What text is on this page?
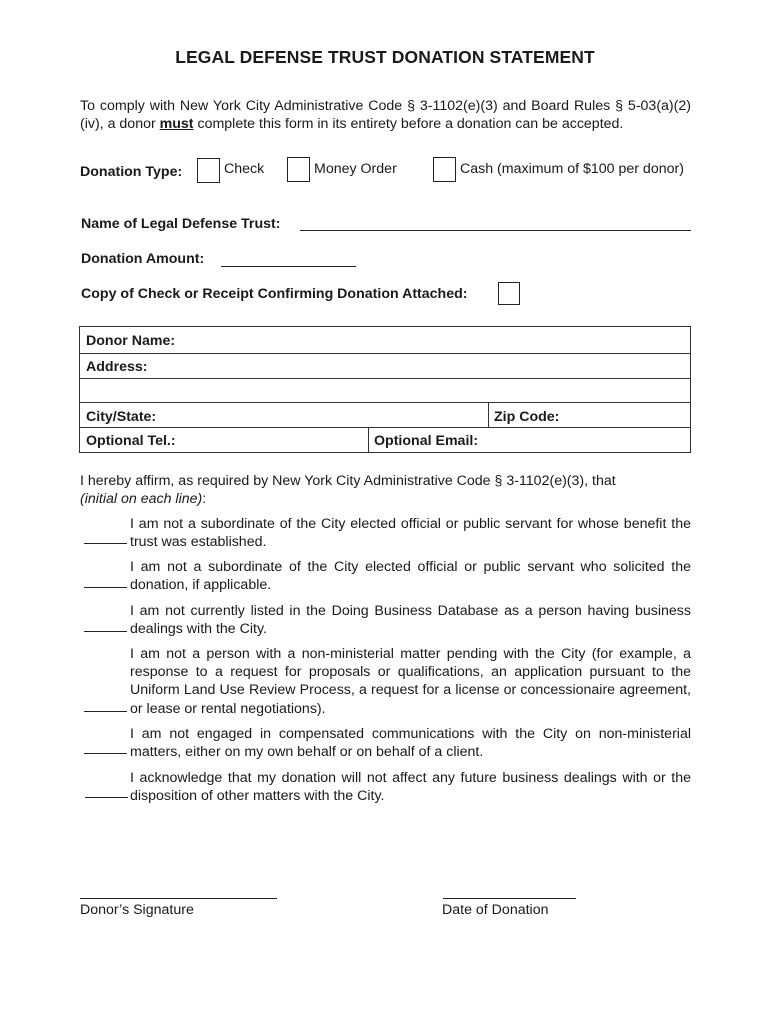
LEGAL DEFENSE TRUST DONATION STATEMENT
To comply with New York City Administrative Code § 3-1102(e)(3) and Board Rules § 5-03(a)(2)(iv), a donor must complete this form in its entirety before a donation can be accepted.
Donation Type:	Check	Money Order	Cash (maximum of $100 per donor)
Name of Legal Defense Trust:
Donation Amount:
Copy of Check or Receipt Confirming Donation Attached:
Donor Name:
Address:
City/State:	Zip Code:
Optional Tel.:	Optional Email:
I hereby affirm, as required by New York City Administrative Code § 3-1102(e)(3), that
(initial on each line):
I am not a subordinate of the City elected official or public servant for whose benefit the trust was established.
I am not a subordinate of the City elected official or public servant who solicited the donation, if applicable.
I am not currently listed in the Doing Business Database as a person having business dealings with the City.
I am not a person with a non-ministerial matter pending with the City (for example, a response to a request for proposals or qualifications, an application pursuant to the Uniform Land Use Review Process, a request for a license or concessionaire agreement, or lease or rental negotiations).
I am not engaged in compensated communications with the City on non-ministerial matters, either on my own behalf or on behalf of a client.
I acknowledge that my donation will not affect any future business dealings with or the disposition of other matters with the City.
Donor’s Signature	Date of Donation
